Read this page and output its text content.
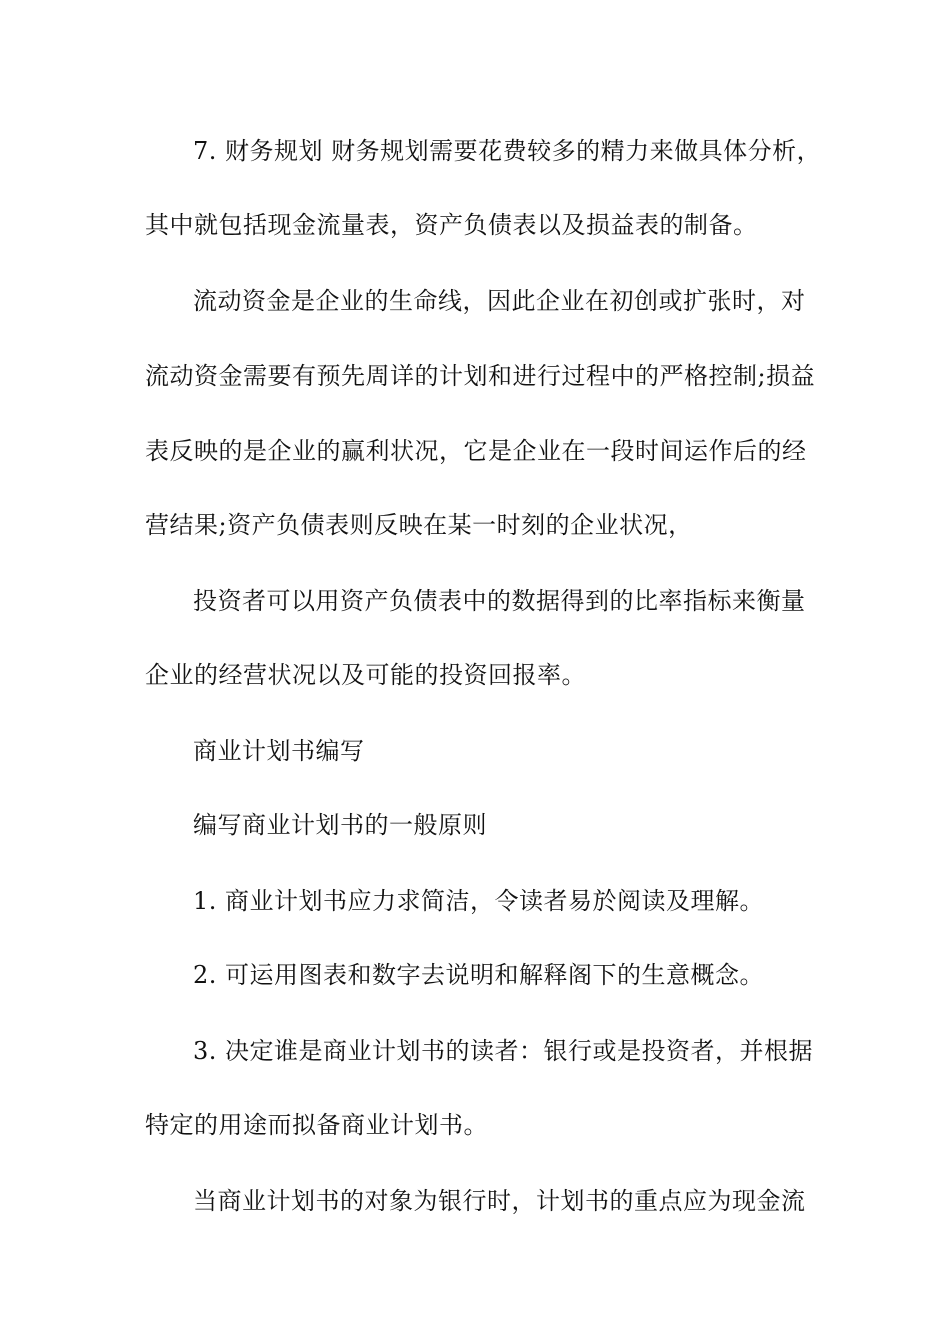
7. 财务规划 财务规划需要花费较多的精力来做具体分析，
其中就包括现金流量表，资产负债表以及损益表的制备。
流动资金是企业的生命线，因此企业在初创或扩张时，对
流动资金需要有预先周详的计划和进行过程中的严格控制;损益
表反映的是企业的赢利状况，它是企业在一段时间运作后的经
营结果;资产负债表则反映在某一时刻的企业状况，
投资者可以用资产负债表中的数据得到的比率指标来衡量
企业的经营状况以及可能的投资回报率。
商业计划书编写
编写商业计划书的一般原则
1. 商业计划书应力求简洁，令读者易於阅读及理解。
2. 可运用图表和数字去说明和解释阁下的生意概念。
3. 决定谁是商业计划书的读者：银行或是投资者，并根据
特定的用途而拟备商业计划书。
当商业计划书的对象为银行时，计划书的重点应为现金流
